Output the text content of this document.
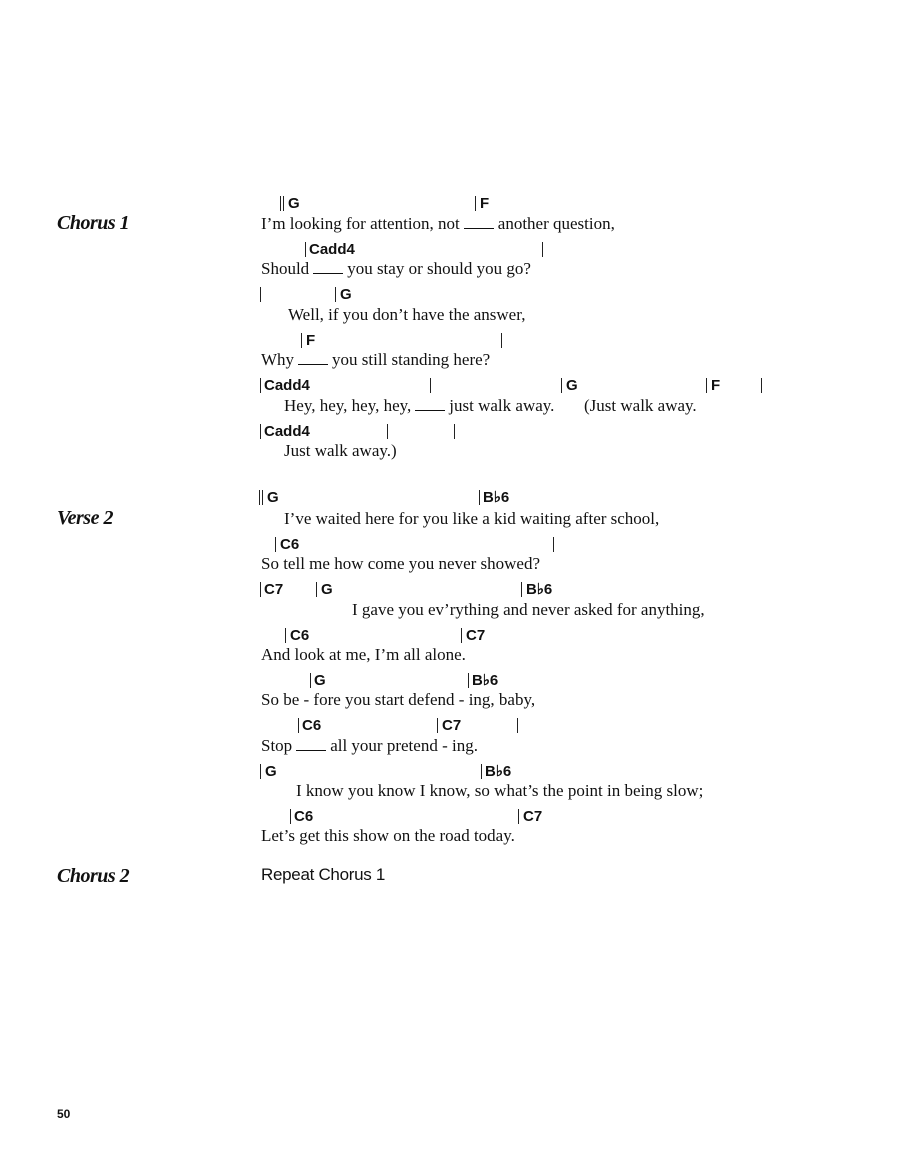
Chorus 1
Verse 2
Chorus 2
G	F
I’m looking for attention, not another question,
Cadd4
Should you stay or should you go?
G
Well, if you don’t have the answer,
F
Why you still standing here?
Cadd4	G	F
Hey, hey, hey, hey, just walk away. (Just walk away.
Cadd4
Just walk away.)
G	B♭6
I’ve waited here for you like a kid waiting after school,
C6
So tell me how come you never showed?
C7	G	B♭6
I gave you ev’rything and never asked for anything,
C6	C7
And look at me, I’m all alone.
G	B♭6
So be - fore you start defend - ing, baby,
C6	C7
Stop all your pretend - ing.
G	B♭6
I know you know I know, so what’s the point in being slow;
C6	C7
Let’s get this show on the road today.
Repeat Chorus 1
50
